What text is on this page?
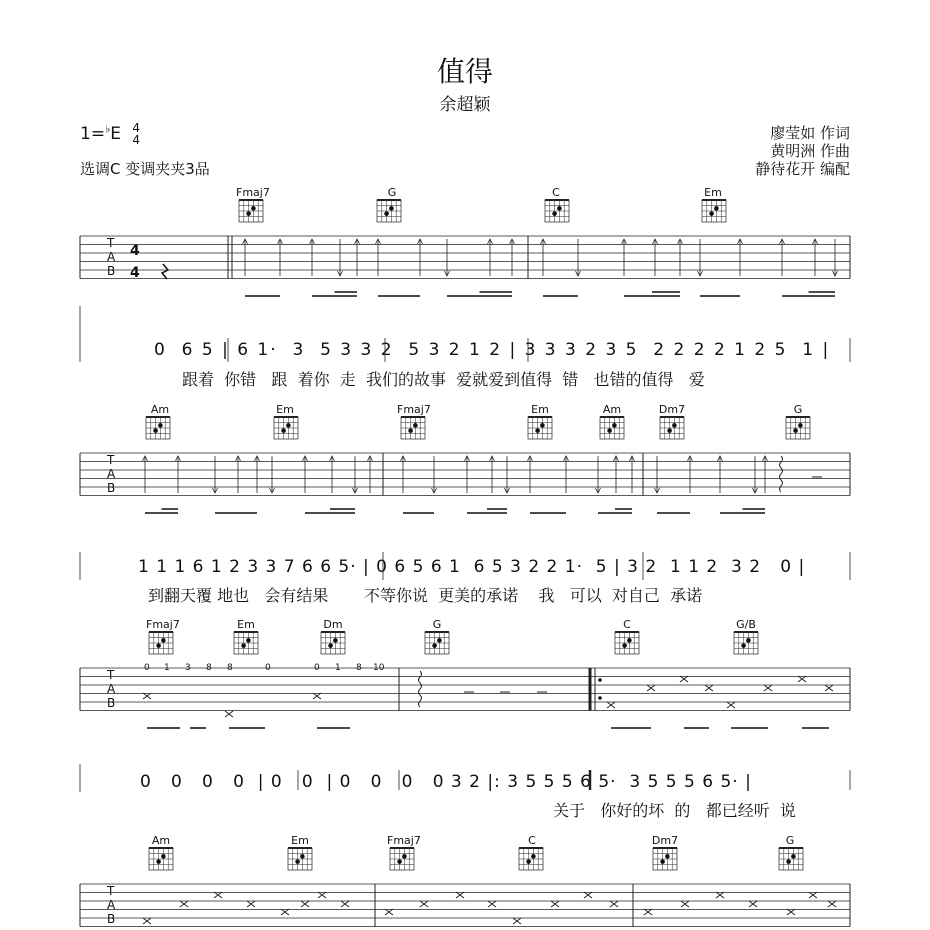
值得
余超颖
1=♭E 4
4
选调C 变调夹夹3品
廖莹如 作词
黄明洲 作曲
静待花开 编配
Fmaj7	G	C	Em
T
A
B
4
4
0  6 5 | 6 1·  3  5 3 3 2  5 3 2 1 2 | 3 3 3 2 3 5  2 2 2 2 1 2 5  1 |
跟着  你错   跟  着你  走  我们的故事  爱就爱到值得  错   也错的值得   爱
Am	Em	Fmaj7	Em	Am	Dm7	G
T
A
B
1 1 1 6 1 2 3 3 7 6 6 5· | 0 6 5 6 1  6 5 3 2 2 1·  5 | 3 2  1 1 2  3 2   0 |
到翻天覆 地也   会有结果       不等你说  更美的承诺    我   可以  对自己  承诺
Fmaj7	Em	Dm	G	C	G/B
T
A
B
0 1 3 8 8	0	0 1 8 10
0   0   0   0  | 0   0  | 0   0   0   0 3 2 |: 3 5 5 5 6 5·  3 5 5 5 6 5· |
关于   你好的坏  的   都已经听  说
Am	Em	Fmaj7	C	Dm7	G
T
A
B
